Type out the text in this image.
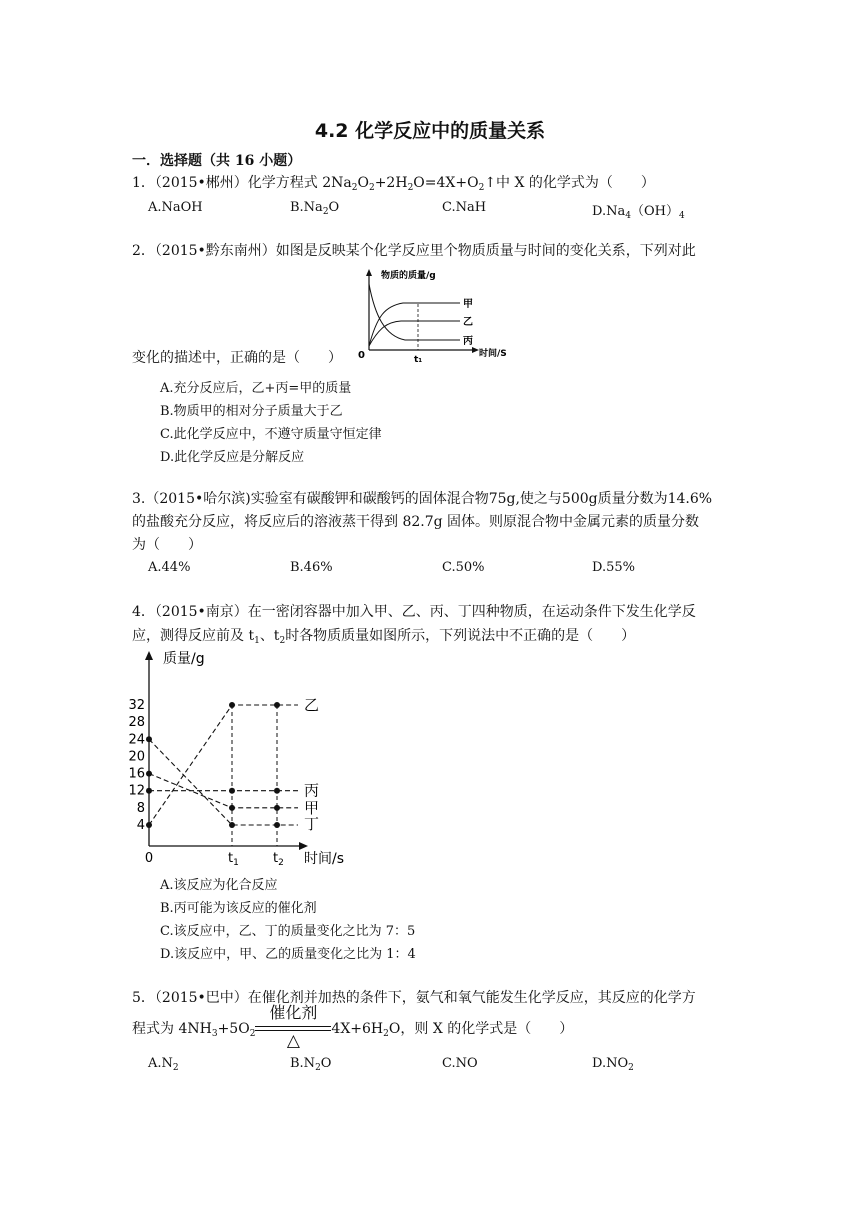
4.2 化学反应中的质量关系
一．选择题（共 16 小题）
1．（2015•郴州）化学方程式 $2Na_2O_2+2H_2O=4X+O_2↑$中 X 的化学式为（　　）
A.NaOH	$B.Na_2O$	C.NaH	$D.Na_4(OH)_4$
2．（2015•黔东南州）如图是反映某个化学反应里个物质质量与时间的变化关系，下列对此
物质的质量/g
0	时间/S
t₁
甲
乙
丙
变化的描述中，正确的是（　　）
A.充分反应后，乙+丙=甲的质量
B.物质甲的相对分子质量大于乙
C.此化学反应中，不遵守质量守恒定律
D.此化学反应是分解反应
3.（2015•哈尔滨)实验室有碳酸钾和碳酸钙的固体混合物75g,使之与500g质量分数为14.6%
的盐酸充分反应，将反应后的溶液蒸干得到 82.7g 固体。则原混合物中金属元素的质量分数
为（　　）
A.44%	B.46%	C.50%	D.55%
4．（2015•南京）在一密闭容器中加入甲、乙、丙、丁四种物质，在运动条件下发生化学反
应，测得反应前及 $t_1$、$t_2$时各物质质量如图所示，下列说法中不正确的是（　　）
质量/g
时间/s
4
8
12
16
20
24
28
32
0	$t_1$	$t_2$
乙
丙
甲
丁
A.该反应为化合反应
B.丙可能为该反应的催化剂
C.该反应中，乙、丁的质量变化之比为 7：5
D.该反应中，甲、乙的质量变化之比为 1：4
5．（2015•巴中）在催化剂并加热的条件下，氨气和氧气能发生化学反应，其反应的化学方
程式为 $4NH_3+5O_2$
催化剂
△
$4X+6H_2O$，则 X 的化学式是（　　）
$A.N_2$	$B.N_2O$	C.NO	$D.NO_2$
